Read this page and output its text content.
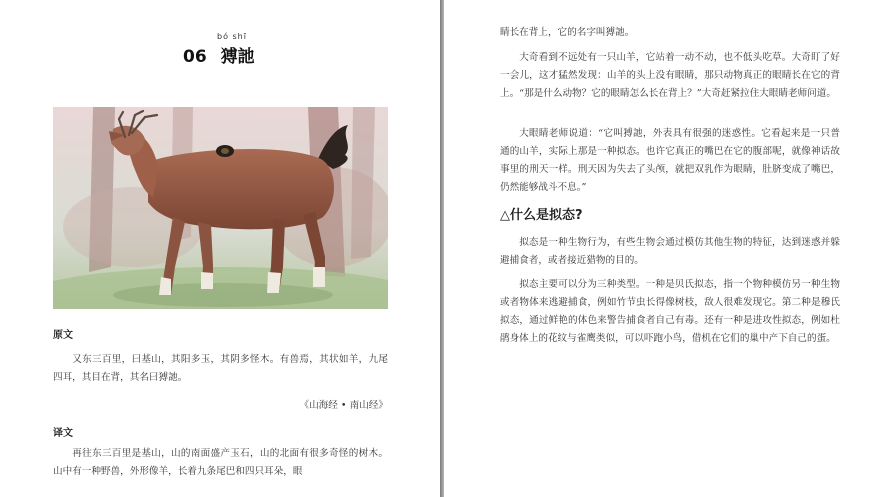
bó shī
06 猼訑
原文
又东三百里，曰基山，其阳多玉，其阴多怪木。有兽焉，其状如羊，九尾四耳，其目在背，其名曰猼訑。
《山海经 • 南山经》
译文
再往东三百里是基山，山的南面盛产玉石，山的北面有很多奇怪的树木。山中有一种野兽，外形像羊，长着九条尾巴和四只耳朵，眼
睛长在背上，它的名字叫猼訑。
大奇看到不远处有一只山羊，它站着一动不动，也不低头吃草。大奇盯了好一会儿，这才猛然发现：山羊的头上没有眼睛，那只动物真正的眼睛长在它的背上。“那是什么动物？它的眼睛怎么长在背上？”大奇赶紧拉住大眼睛老师问道。
大眼睛老师说道：“它叫猼訑，外表具有很强的迷惑性。它看起来是一只普通的山羊，实际上那是一种拟态。也许它真正的嘴巴在它的腹部呢，就像神话故事里的刑天一样。刑天因为失去了头颅，就把双乳作为眼睛，肚脐变成了嘴巴，仍然能够战斗不息。”
△什么是拟态?
拟态是一种生物行为，有些生物会通过模仿其他生物的特征，达到迷惑并躲避捕食者，或者接近猎物的目的。
拟态主要可以分为三种类型。一种是贝氏拟态，指一个物种模仿另一种生物或者物体来逃避捕食，例如竹节虫长得像树枝，敌人很难发现它。第二种是穆氏拟态，通过鲜艳的体色来警告捕食者自己有毒。还有一种是进攻性拟态，例如杜鹃身体上的花纹与雀鹰类似，可以吓跑小鸟，借机在它们的巢中产下自己的蛋。
